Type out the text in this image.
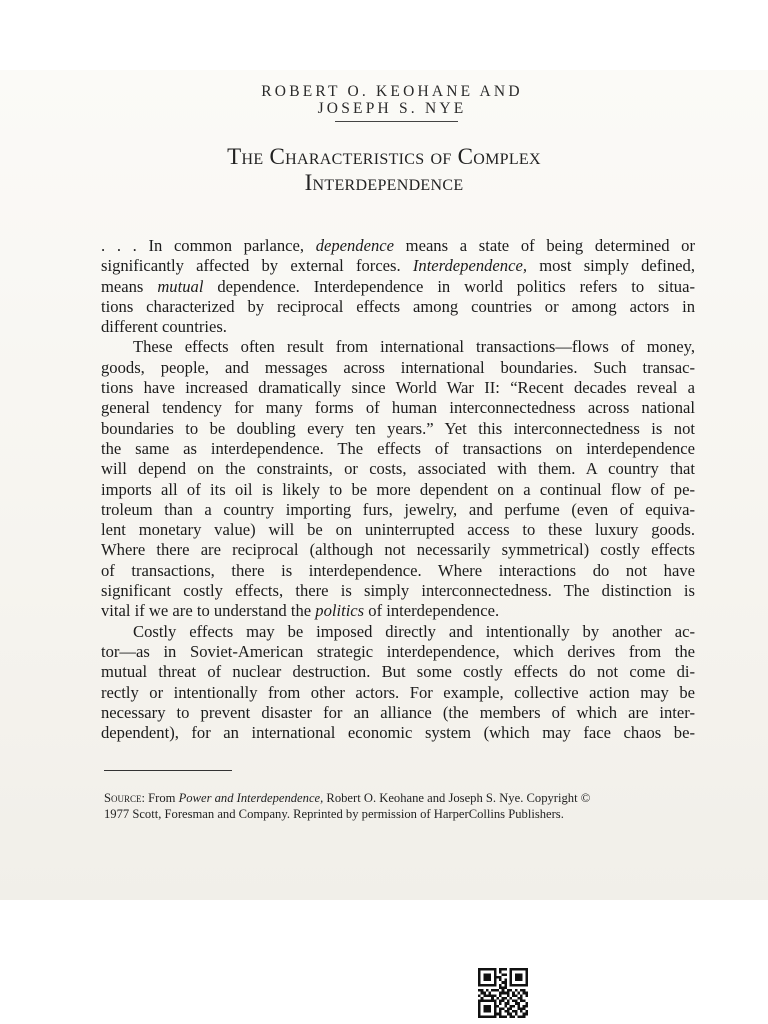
ROBERT O. KEOHANE AND
JOSEPH S. NYE
The Characteristics of Complex
Interdependence
. . . In common parlance, dependence means a state of being determined or
significantly affected by external forces. Interdependence, most simply defined,
means mutual dependence. Interdependence in world politics refers to situa-
tions characterized by reciprocal effects among countries or among actors in
different countries.
These effects often result from international transactions—flows of money,
goods, people, and messages across international boundaries. Such transac-
tions have increased dramatically since World War II: “Recent decades reveal a
general tendency for many forms of human interconnectedness across national
boundaries to be doubling every ten years.” Yet this interconnectedness is not
the same as interdependence. The effects of transactions on interdependence
will depend on the constraints, or costs, associated with them. A country that
imports all of its oil is likely to be more dependent on a continual flow of pe-
troleum than a country importing furs, jewelry, and perfume (even of equiva-
lent monetary value) will be on uninterrupted access to these luxury goods.
Where there are reciprocal (although not necessarily symmetrical) costly effects
of transactions, there is interdependence. Where interactions do not have
significant costly effects, there is simply interconnectedness. The distinction is
vital if we are to understand the politics of interdependence.
Costly effects may be imposed directly and intentionally by another ac-
tor—as in Soviet-American strategic interdependence, which derives from the
mutual threat of nuclear destruction. But some costly effects do not come di-
rectly or intentionally from other actors. For example, collective action may be
necessary to prevent disaster for an alliance (the members of which are inter-
dependent), for an international economic system (which may face chaos be-
Source: From Power and Interdependence, Robert O. Keohane and Joseph S. Nye. Copyright ©
1977 Scott, Foresman and Company. Reprinted by permission of HarperCollins Publishers.
